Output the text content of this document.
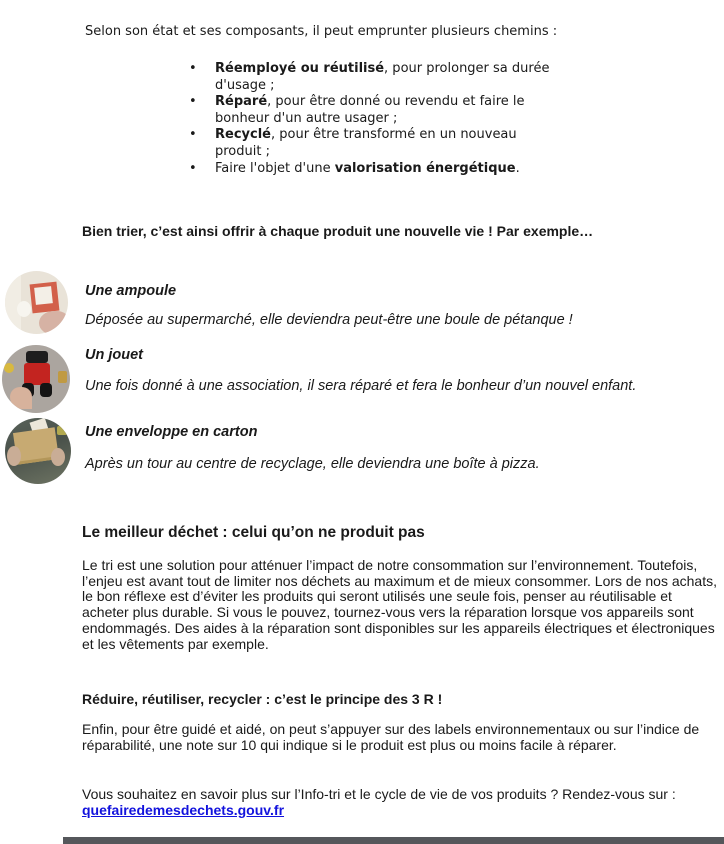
Selon son état et ses composants, il peut emprunter plusieurs chemins :

•	Réemployé ou réutilisé, pour prolonger sa durée d'usage ;
•	Réparé, pour être donné ou revendu et faire le bonheur d'un autre usager ;
•	Recyclé, pour être transformé en un nouveau produit ;
•	Faire l'objet d'une valorisation énergétique.

Bien trier, c’est ainsi offrir à chaque produit une nouvelle vie ! Par exemple…

Une ampoule

Déposée au supermarché, elle deviendra peut-être une boule de pétanque !

Un jouet

Une fois donné à une association, il sera réparé et fera le bonheur d’un nouvel enfant.

Une enveloppe en carton

Après un tour au centre de recyclage, elle deviendra une boîte à pizza.

Le meilleur déchet : celui qu’on ne produit pas

Le tri est une solution pour atténuer l’impact de notre consommation sur l’environnement. Toutefois, l’enjeu est avant tout de limiter nos déchets au maximum et de mieux consommer. Lors de nos achats, le bon réflexe est d’éviter les produits qui seront utilisés une seule fois, penser au réutilisable et acheter plus durable. Si vous le pouvez, tournez-vous vers la réparation lorsque vos appareils sont endommagés. Des aides à la réparation sont disponibles sur les appareils électriques et électroniques et les vêtements par exemple.

Réduire, réutiliser, recycler : c’est le principe des 3 R !

Enfin, pour être guidé et aidé, on peut s’appuyer sur des labels environnementaux ou sur l’indice de réparabilité, une note sur 10 qui indique si le produit est plus ou moins facile à réparer.

Vous souhaitez en savoir plus sur l’Info-tri et le cycle de vie de vos produits ? Rendez-vous sur : quefairedemesdechets.gouv.fr
